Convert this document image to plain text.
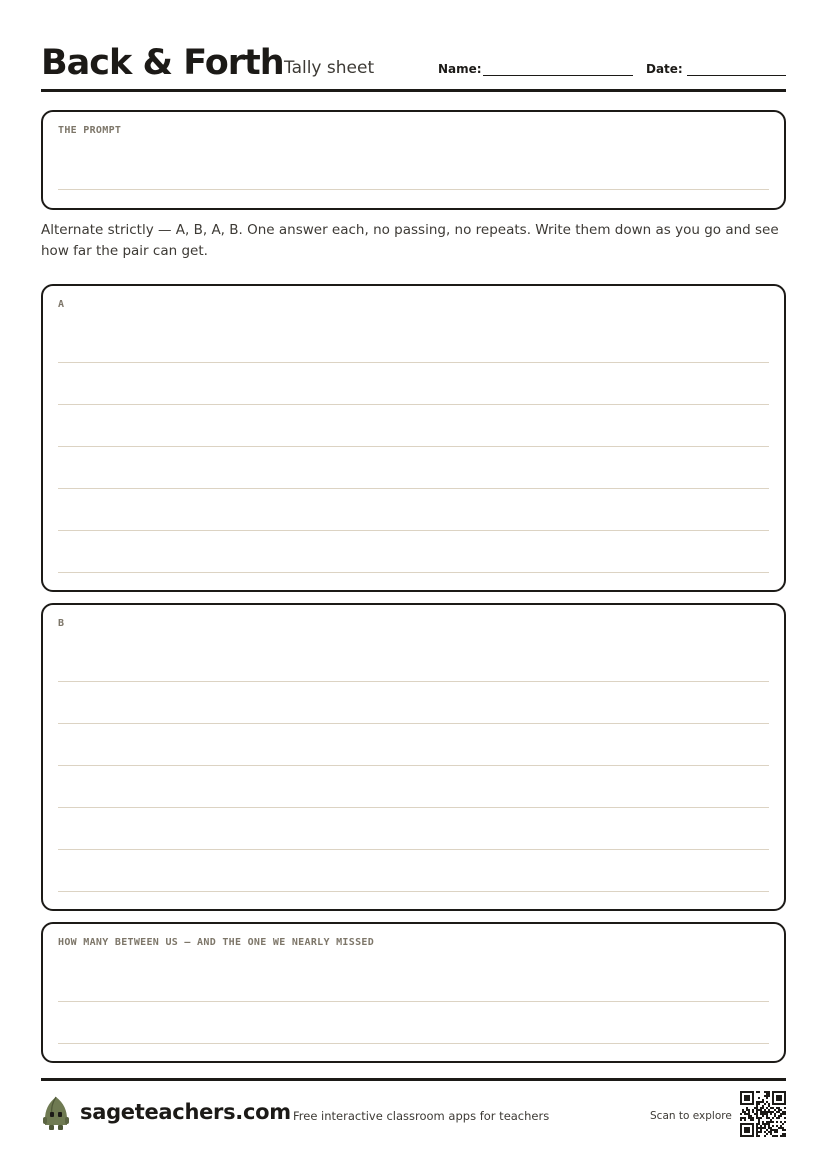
Back & Forth Tally sheet	Name:	Date:
THE PROMPT
Alternate strictly — A, B, A, B. One answer each, no passing, no repeats. Write them down as you go and see how far the pair can get.
A
B
HOW MANY BETWEEN US — AND THE ONE WE NEARLY MISSED
sageteachers.com Free interactive classroom apps for teachers	Scan to explore
